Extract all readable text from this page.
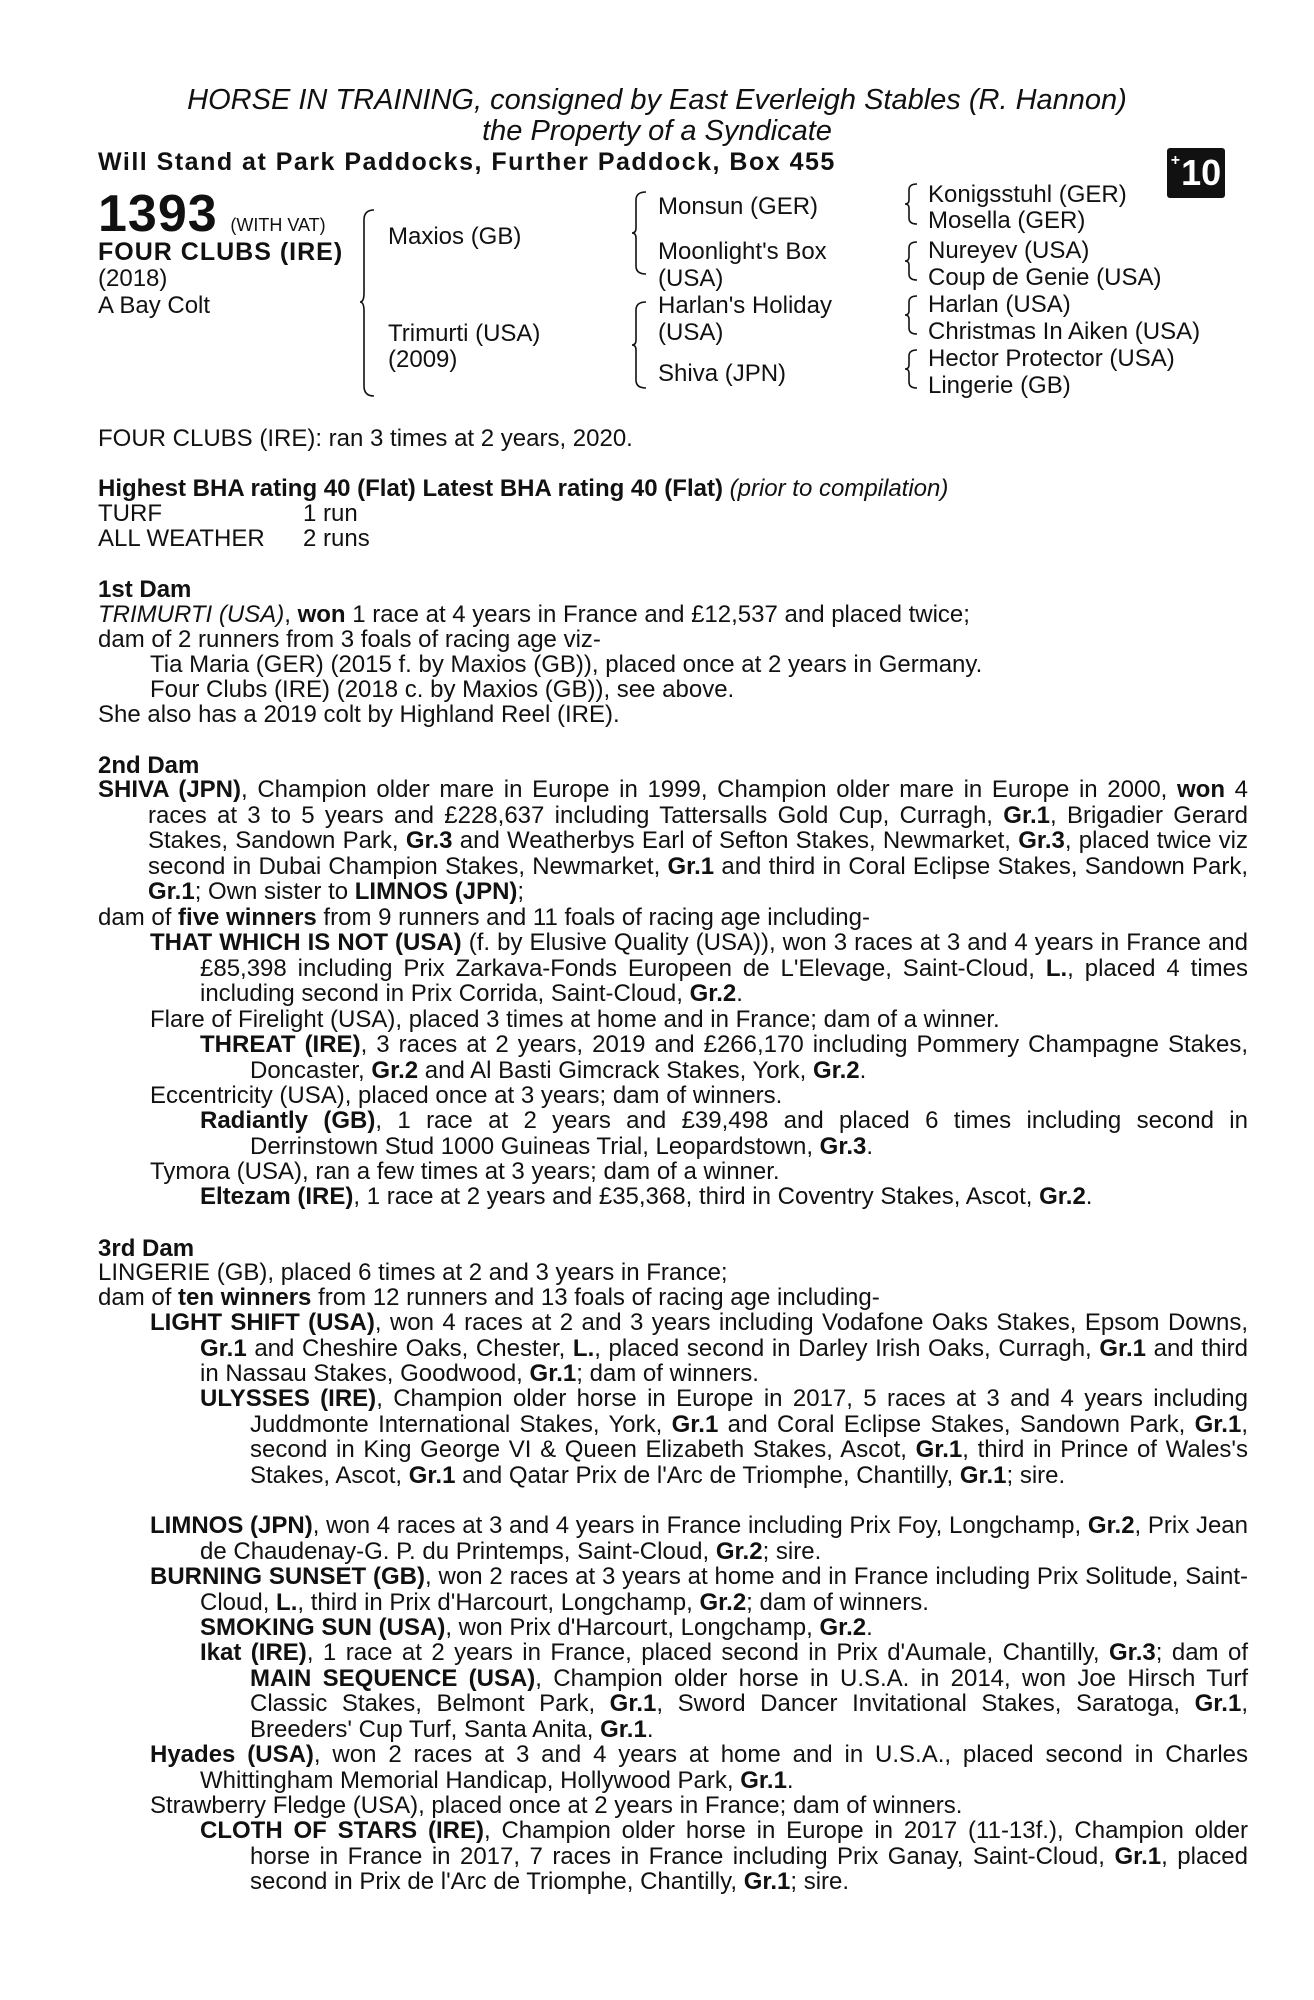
HORSE IN TRAINING, consigned by East Everleigh Stables (R. Hannon)
the Property of a Syndicate
Will Stand at Park Paddocks, Further Paddock, Box 455	+ 10
1393 (WITH VAT)
FOUR CLUBS (IRE)
(2018)
A Bay Colt
Maxios (GB)
Trimurti (USA)
(2009)
Monsun (GER)
Moonlight's Box
(USA)
Harlan's Holiday
(USA)
Shiva (JPN)
Konigsstuhl (GER)
Mosella (GER)
Nureyev (USA)
Coup de Genie (USA)
Harlan (USA)
Christmas In Aiken (USA)
Hector Protector (USA)
Lingerie (GB)
FOUR CLUBS (IRE): ran 3 times at 2 years, 2020.
Highest BHA rating 40 (Flat) Latest BHA rating 40 (Flat) (prior to compilation)
TURF	1 run
ALL WEATHER 2 runs
1st Dam
TRIMURTI (USA), won 1 race at 4 years in France and £12,537 and placed twice;
dam of 2 runners from 3 foals of racing age viz-
Tia Maria (GER) (2015 f. by Maxios (GB)), placed once at 2 years in Germany.
Four Clubs (IRE) (2018 c. by Maxios (GB)), see above.
She also has a 2019 colt by Highland Reel (IRE).
2nd Dam
SHIVA (JPN), Champion older mare in Europe in 1999, Champion older mare in Europe in 2000, won 4 races at 3 to 5 years and £228,637 including Tattersalls Gold Cup, Curragh, Gr.1, Brigadier Gerard Stakes, Sandown Park, Gr.3 and Weatherbys Earl of Sefton Stakes, Newmarket, Gr.3, placed twice viz second in Dubai Champion Stakes, Newmarket, Gr.1 and third in Coral Eclipse Stakes, Sandown Park, Gr.1; Own sister to LIMNOS (JPN);
dam of five winners from 9 runners and 11 foals of racing age including-
THAT WHICH IS NOT (USA) (f. by Elusive Quality (USA)), won 3 races at 3 and 4 years in France and £85,398 including Prix Zarkava-Fonds Europeen de L'Elevage, Saint-Cloud, L., placed 4 times including second in Prix Corrida, Saint-Cloud, Gr.2.
Flare of Firelight (USA), placed 3 times at home and in France; dam of a winner.
THREAT (IRE), 3 races at 2 years, 2019 and £266,170 including Pommery Champagne Stakes, Doncaster, Gr.2 and Al Basti Gimcrack Stakes, York, Gr.2.
Eccentricity (USA), placed once at 3 years; dam of winners.
Radiantly (GB), 1 race at 2 years and £39,498 and placed 6 times including second in Derrinstown Stud 1000 Guineas Trial, Leopardstown, Gr.3.
Tymora (USA), ran a few times at 3 years; dam of a winner.
Eltezam (IRE), 1 race at 2 years and £35,368, third in Coventry Stakes, Ascot, Gr.2.
3rd Dam
LINGERIE (GB), placed 6 times at 2 and 3 years in France;
dam of ten winners from 12 runners and 13 foals of racing age including-
LIGHT SHIFT (USA), won 4 races at 2 and 3 years including Vodafone Oaks Stakes, Epsom Downs, Gr.1 and Cheshire Oaks, Chester, L., placed second in Darley Irish Oaks, Curragh, Gr.1 and third in Nassau Stakes, Goodwood, Gr.1; dam of winners.
ULYSSES (IRE), Champion older horse in Europe in 2017, 5 races at 3 and 4 years including Juddmonte International Stakes, York, Gr.1 and Coral Eclipse Stakes, Sandown Park, Gr.1, second in King George VI & Queen Elizabeth Stakes, Ascot, Gr.1, third in Prince of Wales's Stakes, Ascot, Gr.1 and Qatar Prix de l'Arc de Triomphe, Chantilly, Gr.1; sire.
LIMNOS (JPN), won 4 races at 3 and 4 years in France including Prix Foy, Longchamp, Gr.2, Prix Jean de Chaudenay-G. P. du Printemps, Saint-Cloud, Gr.2; sire.
BURNING SUNSET (GB), won 2 races at 3 years at home and in France including Prix Solitude, Saint-Cloud, L., third in Prix d'Harcourt, Longchamp, Gr.2; dam of winners.
SMOKING SUN (USA), won Prix d'Harcourt, Longchamp, Gr.2.
Ikat (IRE), 1 race at 2 years in France, placed second in Prix d'Aumale, Chantilly, Gr.3; dam of MAIN SEQUENCE (USA), Champion older horse in U.S.A. in 2014, won Joe Hirsch Turf Classic Stakes, Belmont Park, Gr.1, Sword Dancer Invitational Stakes, Saratoga, Gr.1, Breeders' Cup Turf, Santa Anita, Gr.1.
Hyades (USA), won 2 races at 3 and 4 years at home and in U.S.A., placed second in Charles Whittingham Memorial Handicap, Hollywood Park, Gr.1.
Strawberry Fledge (USA), placed once at 2 years in France; dam of winners.
CLOTH OF STARS (IRE), Champion older horse in Europe in 2017 (11-13f.), Champion older horse in France in 2017, 7 races in France including Prix Ganay, Saint-Cloud, Gr.1, placed second in Prix de l'Arc de Triomphe, Chantilly, Gr.1; sire.
